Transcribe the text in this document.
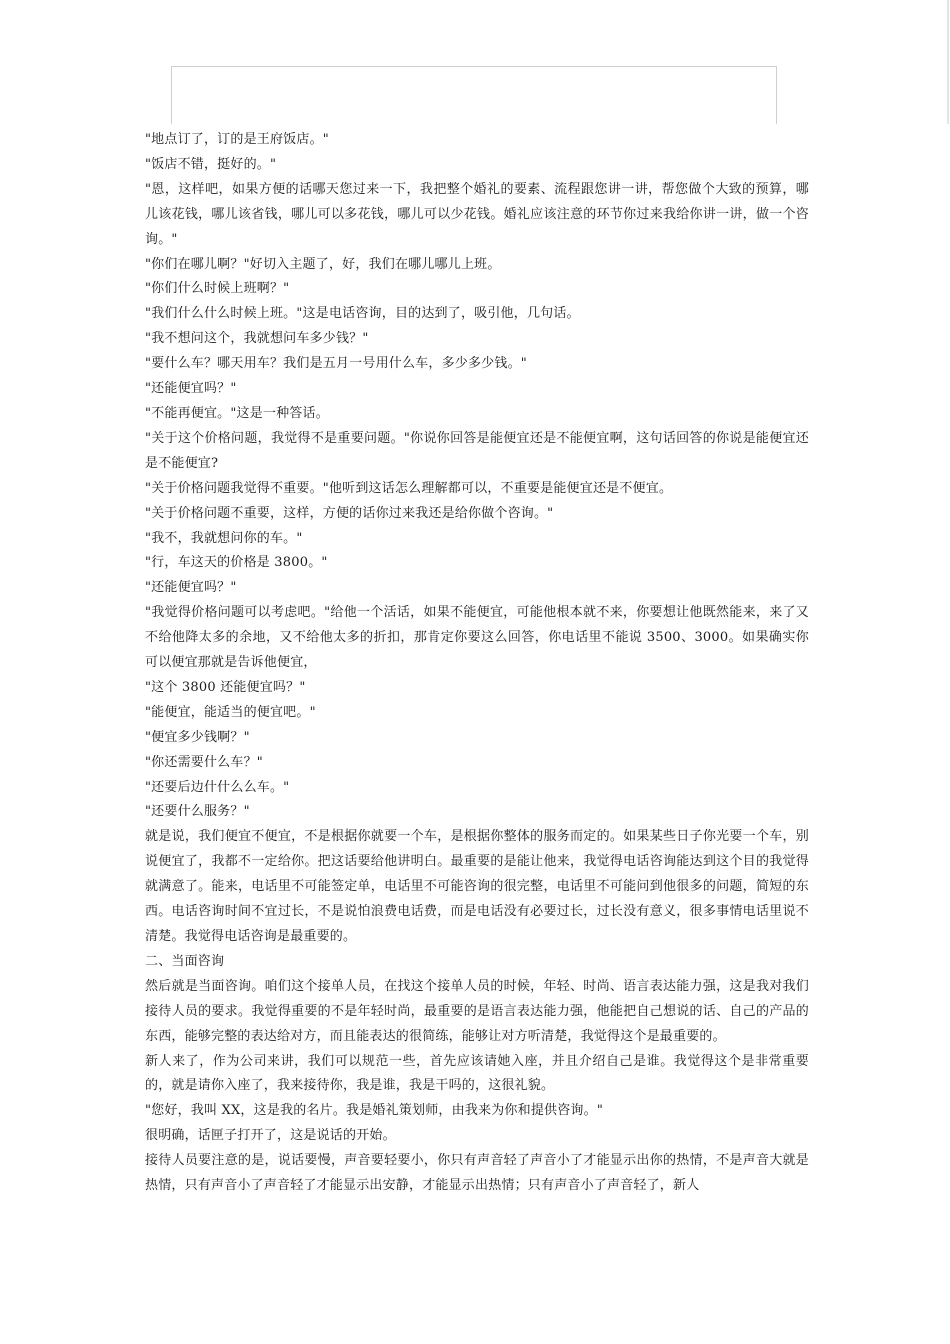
"地点订了，订的是王府饭店。"

"饭店不错，挺好的。"

"恩，这样吧，如果方便的话哪天您过来一下，我把整个婚礼的要素、流程跟您讲一讲，帮您做个大致的预算，哪儿该花钱，哪儿该省钱，哪儿可以多花钱，哪儿可以少花钱。婚礼应该注意的环节你过来我给你讲一讲，做一个咨询。"

"你们在哪儿啊？"好切入主题了，好，我们在哪儿哪儿上班。

"你们什么时候上班啊？"

"我们什么什么时候上班。"这是电话咨询，目的达到了，吸引他，几句话。

"我不想问这个，我就想问车多少钱？"

"要什么车？哪天用车？我们是五月一号用什么车，多少多少钱。"

"还能便宜吗？"

"不能再便宜。"这是一种答话。

"关于这个价格问题，我觉得不是重要问题。"你说你回答是能便宜还是不能便宜啊，这句话回答的你说是能便宜还是不能便宜?

"关于价格问题我觉得不重要。"他听到这话怎么理解都可以，不重要是能便宜还是不便宜。

"关于价格问题不重要，这样，方便的话你过来我还是给你做个咨询。"

"我不，我就想问你的车。"

"行，车这天的价格是 3800。"

"还能便宜吗？"

"我觉得价格问题可以考虑吧。"给他一个活话，如果不能便宜，可能他根本就不来，你要想让他既然能来，来了又不给他降太多的余地，又不给他太多的折扣，那肯定你要这么回答，你电话里不能说 3500、3000。如果确实你可以便宜那就是告诉他便宜，

"这个 3800 还能便宜吗？"

"能便宜，能适当的便宜吧。"

"便宜多少钱啊？"

"你还需要什么车？"

"还要后边什什么么车。"

"还要什么服务？"

就是说，我们便宜不便宜，不是根据你就要一个车，是根据你整体的服务而定的。如果某些日子你光要一个车，别说便宜了，我都不一定给你。把这话要给他讲明白。最重要的是能让他来，我觉得电话咨询能达到这个目的我觉得就满意了。能来，电话里不可能签定单，电话里不可能咨询的很完整，电话里不可能问到他很多的问题，简短的东西。电话咨询时间不宜过长，不是说怕浪费电话费，而是电话没有必要过长，过长没有意义，很多事情电话里说不清楚。我觉得电话咨询是最重要的。

二、当面咨询

然后就是当面咨询。咱们这个接单人员，在找这个接单人员的时候，年轻、时尚、语言表达能力强，这是我对我们接待人员的要求。我觉得重要的不是年轻时尚，最重要的是语言表达能力强，他能把自己想说的话、自己的产品的东西，能够完整的表达给对方，而且能表达的很简练，能够让对方听清楚，我觉得这个是最重要的。

新人来了，作为公司来讲，我们可以规范一些，首先应该请她入座，并且介绍自己是谁。我觉得这个是非常重要的，就是请你入座了，我来接待你，我是谁，我是干吗的，这很礼貌。

"您好，我叫 XX，这是我的名片。我是婚礼策划师，由我来为你和提供咨询。"

很明确，话匣子打开了，这是说话的开始。

接待人员要注意的是，说话要慢，声音要轻要小，你只有声音轻了声音小了才能显示出你的热情，不是声音大就是热情，只有声音小了声音轻了才能显示出安静，才能显示出热情；只有声音小了声音轻了，新人
